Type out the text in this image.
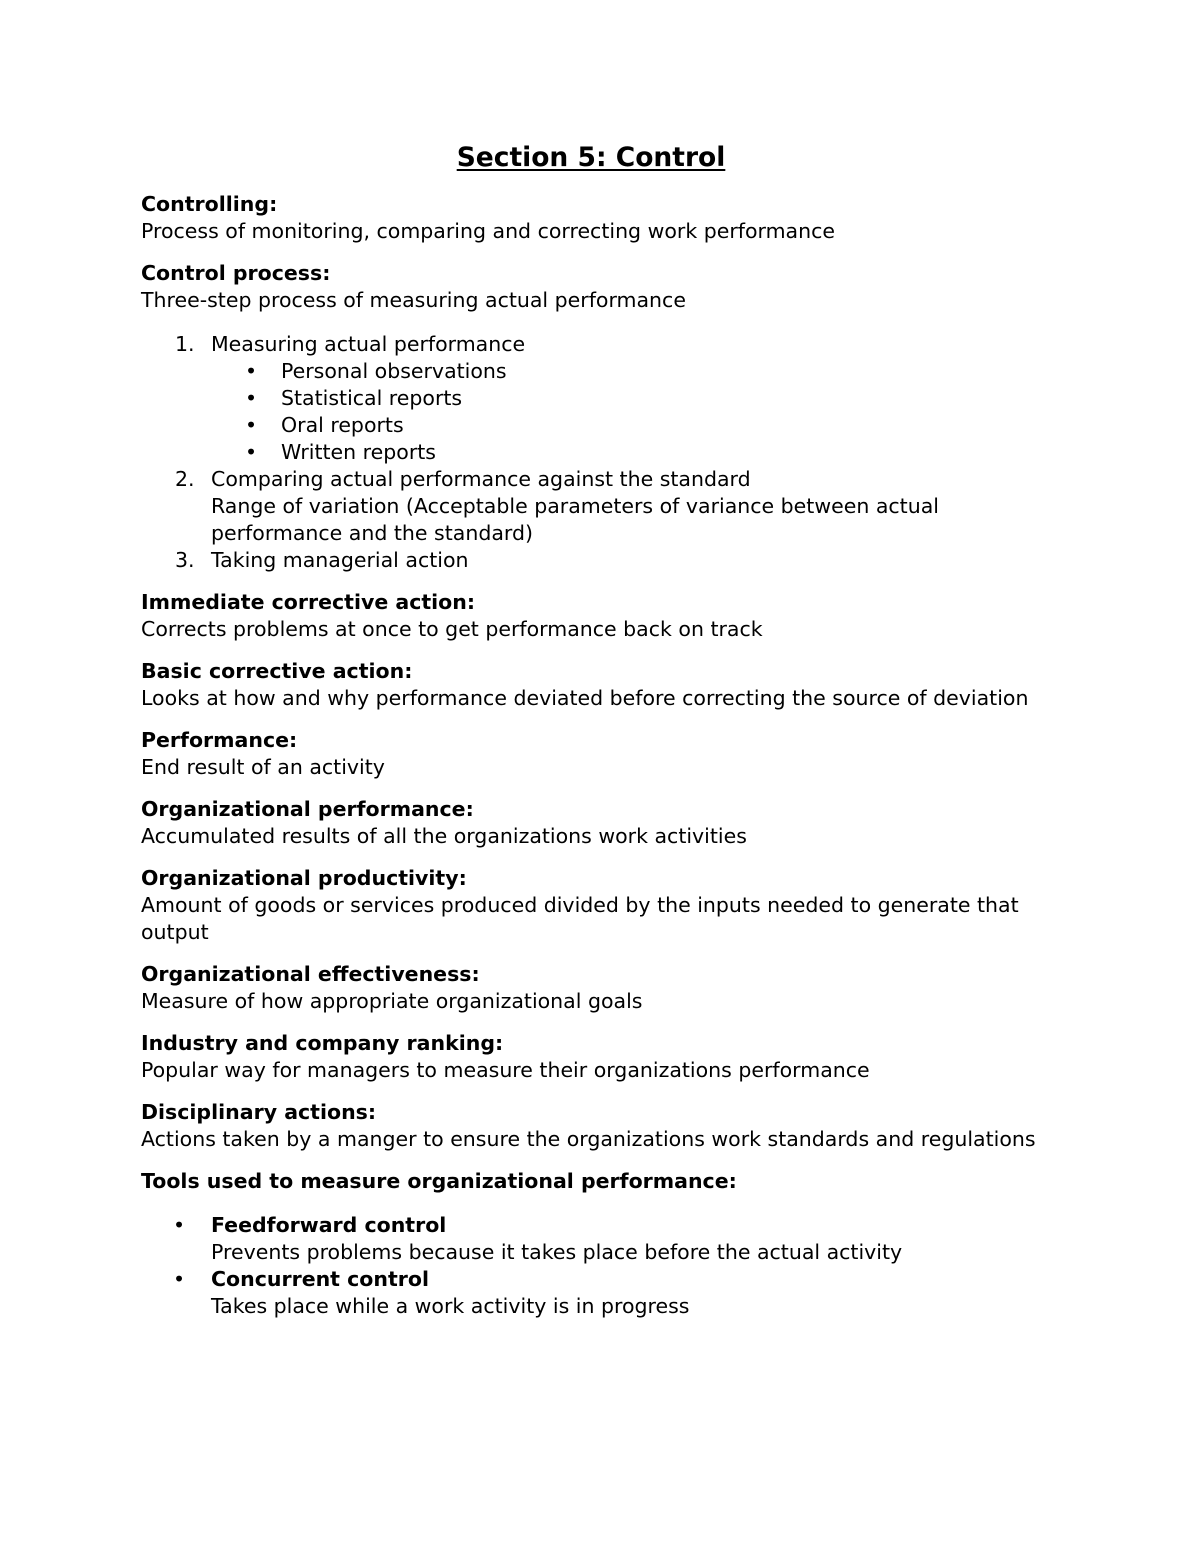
Section 5: Control
Controlling:
Process of monitoring, comparing and correcting work performance
Control process:
Three-step process of measuring actual performance
1. Measuring actual performance
• Personal observations
• Statistical reports
• Oral reports
• Written reports
2. Comparing actual performance against the standard
Range of variation (Acceptable parameters of variance between actual performance and the standard)
3. Taking managerial action
Immediate corrective action:
Corrects problems at once to get performance back on track
Basic corrective action:
Looks at how and why performance deviated before correcting the source of deviation
Performance:
End result of an activity
Organizational performance:
Accumulated results of all the organizations work activities
Organizational productivity:
Amount of goods or services produced divided by the inputs needed to generate that output
Organizational effectiveness:
Measure of how appropriate organizational goals
Industry and company ranking:
Popular way for managers to measure their organizations performance
Disciplinary actions:
Actions taken by a manger to ensure the organizations work standards and regulations
Tools used to measure organizational performance:
• Feedforward control
Prevents problems because it takes place before the actual activity
• Concurrent control
Takes place while a work activity is in progress
